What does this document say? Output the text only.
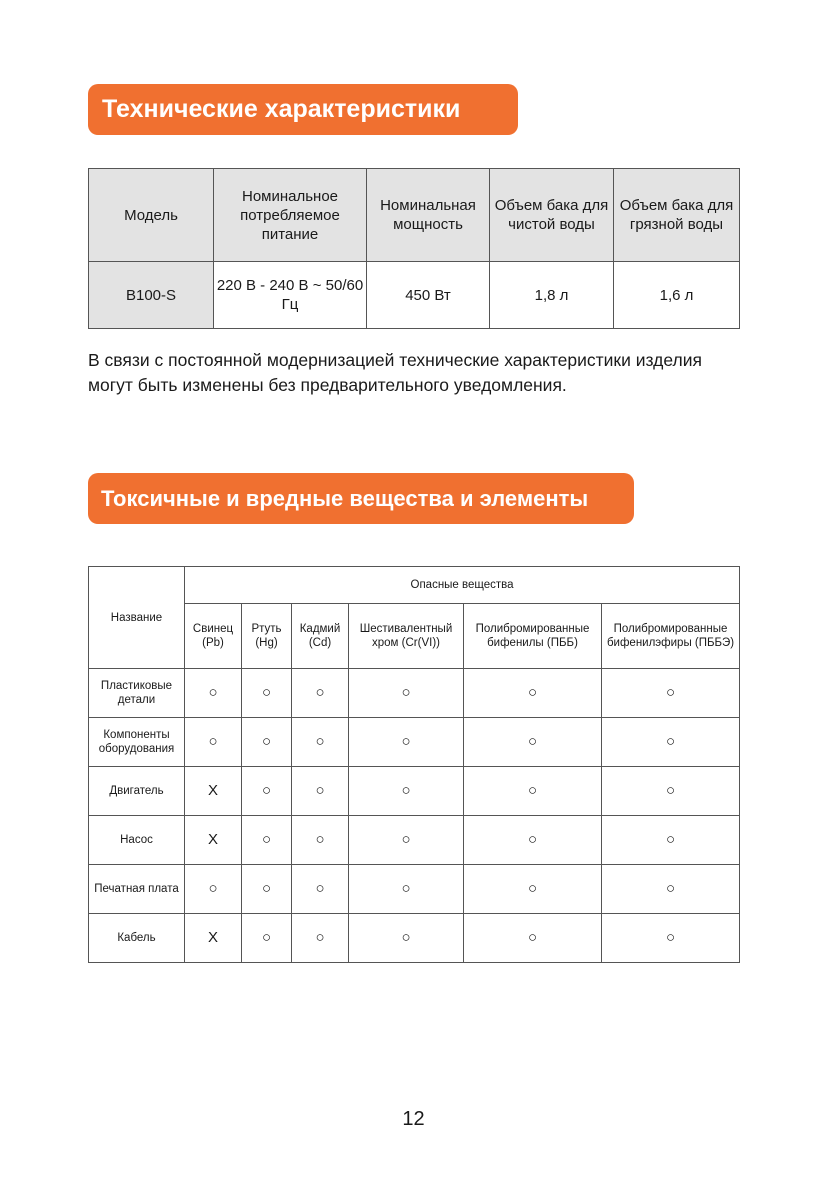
Технические характеристики
Модель	Номинальное потребляемое питание	Номинальная мощность	Объем бака для чистой воды	Объем бака для грязной воды
B100-S	220 В - 240 В ~ 50/60 Гц	450 Вт	1,8 л	1,6 л
В связи с постоянной модернизацией технические характеристики изделия могут быть изменены без предварительного уведомления.
Токсичные и вредные вещества и элементы
Название	Опасные вещества					
	Свинец (Pb)	Ртуть (Hg)	Кадмий (Cd)	Шестивалентный хром (Cr(VI))	Полибромированные бифенилы (ПББ)	Полибромированные бифенилэфиры (ПББЭ)
Пластиковые детали	○	○	○	○	○	○
Компоненты оборудования	○	○	○	○	○	○
Двигатель	X	○	○	○	○	○
Насос	X	○	○	○	○	○
Печатная плата	○	○	○	○	○	○
Кабель	X	○	○	○	○	○
12
